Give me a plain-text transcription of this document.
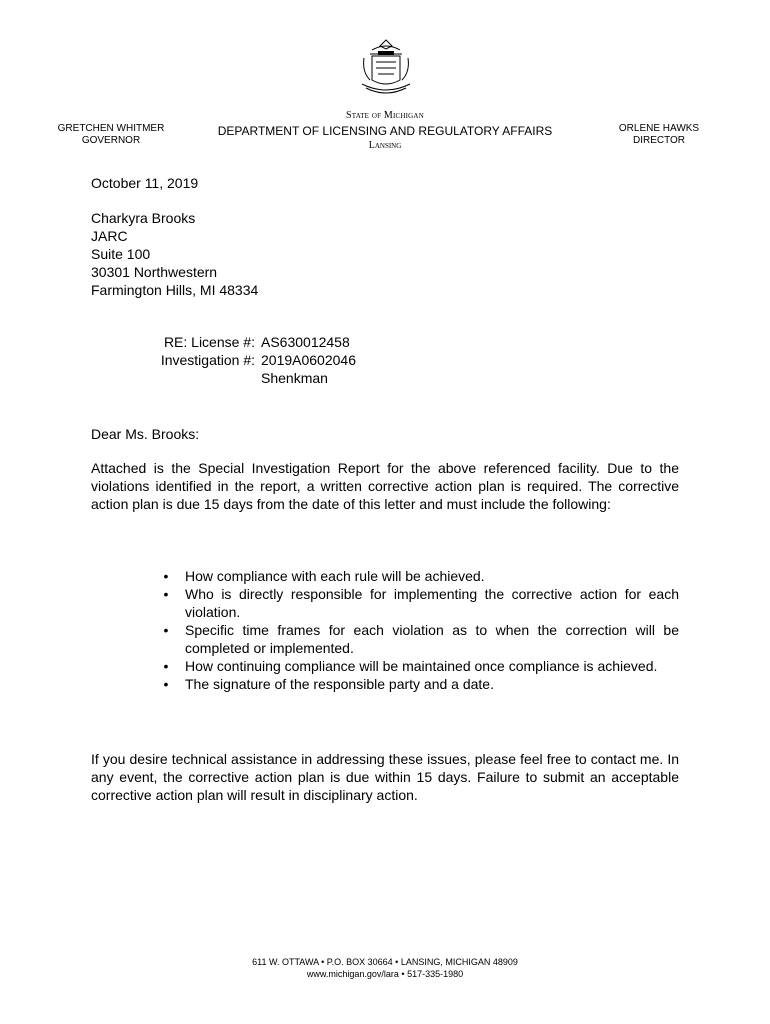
State of Michigan
DEPARTMENT OF LICENSING AND REGULATORY AFFAIRS
Lansing
GRETCHEN WHITMER
GOVERNOR
ORLENE HAWKS
DIRECTOR
October 11, 2019
Charkyra Brooks
JARC
Suite 100
30301 Northwestern
Farmington Hills, MI 48334
RE: License #: AS630012458
Investigation #: 2019A0602046
Shenkman
Dear Ms. Brooks:
Attached is the Special Investigation Report for the above referenced facility. Due to the violations identified in the report, a written corrective action plan is required. The corrective action plan is due 15 days from the date of this letter and must include the following:
• How compliance with each rule will be achieved.
• Who is directly responsible for implementing the corrective action for each violation.
• Specific time frames for each violation as to when the correction will be completed or implemented.
• How continuing compliance will be maintained once compliance is achieved.
• The signature of the responsible party and a date.
If you desire technical assistance in addressing these issues, please feel free to contact me. In any event, the corrective action plan is due within 15 days. Failure to submit an acceptable corrective action plan will result in disciplinary action.
611 W. OTTAWA • P.O. BOX 30664 • LANSING, MICHIGAN 48909
www.michigan.gov/lara • 517-335-1980
